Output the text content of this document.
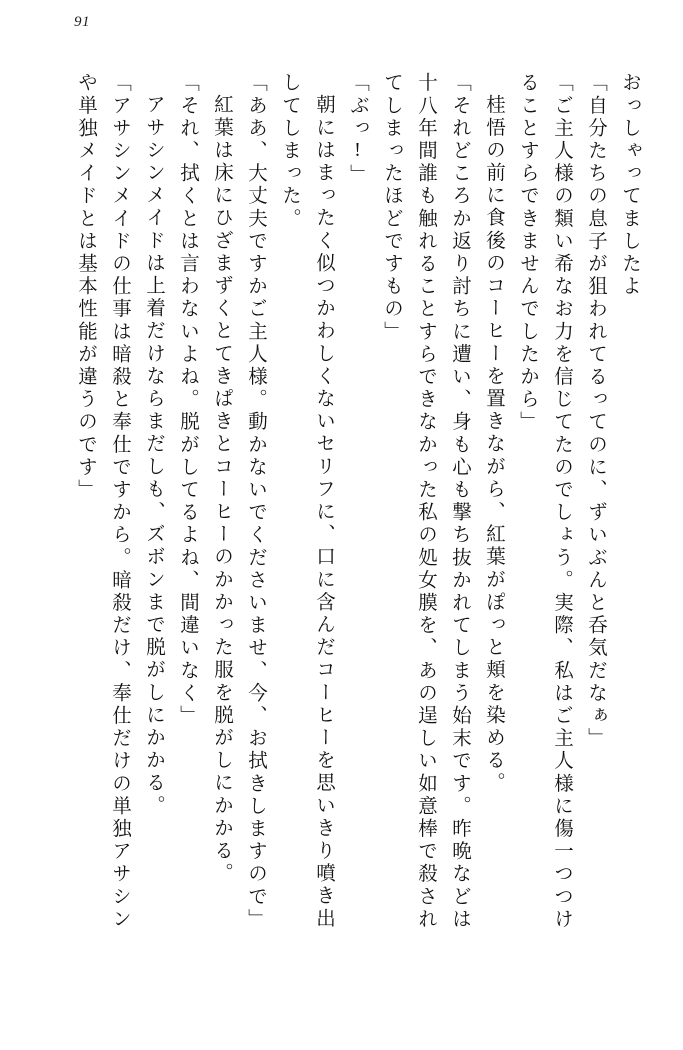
91
おっしゃってましたよ
「自分たちの息子が狙われてるってのに、ずいぶんと呑気だなぁ」
「ご主人様の類い希なお力を信じてたのでしょう。実際、私はご主人様に傷一つつけ
ることすらできませんでしたから」
桂悟の前に食後のコーヒーを置きながら、紅葉がぽっと頬を染める。
「それどころか返り討ちに遭い、身も心も撃ち抜かれてしまう始末です。昨晩などは
十八年間誰も触れることすらできなかった私の処女膜を、あの逞しい如意棒で殺され
てしまったほどですもの」
「ぶっ!」
朝にはまったく似つかわしくないセリフに、口に含んだコーヒーを思いきり噴き出
してしまった。
「ああ、大丈夫ですかご主人様。動かないでくださいませ、今、お拭きしますので」
紅葉は床にひざまずくとてきぱきとコーヒーのかかった服を脱がしにかかる。
「それ、拭くとは言わないよね。脱がしてるよね、間違いなく」
アサシンメイドは上着だけならまだしも、ズボンまで脱がしにかかる。
「アサシンメイドの仕事は暗殺と奉仕ですから。暗殺だけ、奉仕だけの単独アサシン
や単独メイドとは基本性能が違うのです」
